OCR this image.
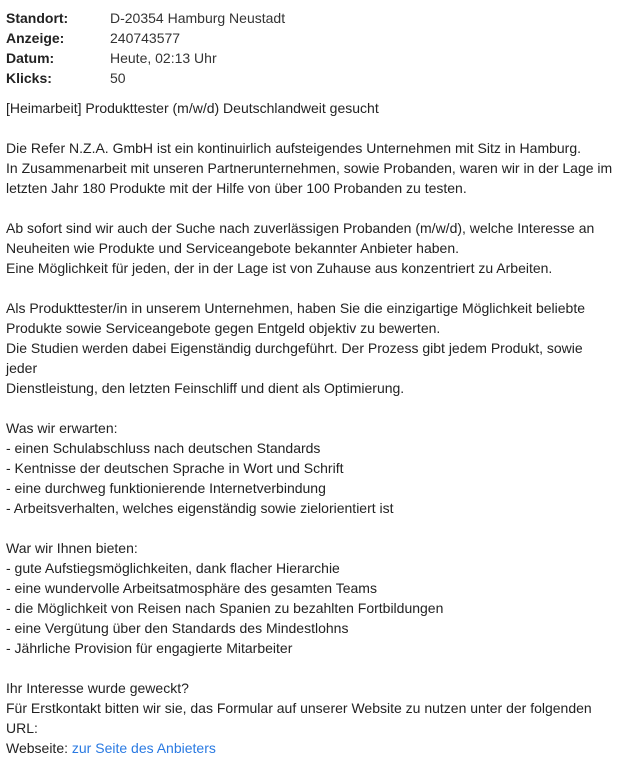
Standort:	D-20354 Hamburg Neustadt
Anzeige:	240743577
Datum:	Heute, 02:13 Uhr
Klicks:	50
[Heimarbeit] Produkttester (m/w/d) Deutschlandweit gesucht
Die Refer N.Z.A. GmbH ist ein kontinuirlich aufsteigendes Unternehmen mit Sitz in Hamburg.
In Zusammenarbeit mit unseren Partnerunternehmen, sowie Probanden, waren wir in der Lage im
letzten Jahr 180 Produkte mit der Hilfe von über 100 Probanden zu testen.
Ab sofort sind wir auch der Suche nach zuverlässigen Probanden (m/w/d), welche Interesse an
Neuheiten wie Produkte und Serviceangebote bekannter Anbieter haben.
Eine Möglichkeit für jeden, der in der Lage ist von Zuhause aus konzentriert zu Arbeiten.
Als Produkttester/in in unserem Unternehmen, haben Sie die einzigartige Möglichkeit beliebte
Produkte sowie Serviceangebote gegen Entgeld objektiv zu bewerten.
Die Studien werden dabei Eigenständig durchgeführt. Der Prozess gibt jedem Produkt, sowie jeder
Dienstleistung, den letzten Feinschliff und dient als Optimierung.
Was wir erwarten:
- einen Schulabschluss nach deutschen Standards
- Kentnisse der deutschen Sprache in Wort und Schrift
- eine durchweg funktionierende Internetverbindung
- Arbeitsverhalten, welches eigenständig sowie zielorientiert ist
War wir Ihnen bieten:
- gute Aufstiegsmöglichkeiten, dank flacher Hierarchie
- eine wundervolle Arbeitsatmosphäre des gesamten Teams
- die Möglichkeit von Reisen nach Spanien zu bezahlten Fortbildungen
- eine Vergütung über den Standards des Mindestlohns
- Jährliche Provision für engagierte Mitarbeiter
Ihr Interesse wurde geweckt?
Für Erstkontakt bitten wir sie, das Formular auf unserer Website zu nutzen unter der folgenden
URL:
Webseite: zur Seite des Anbieters
